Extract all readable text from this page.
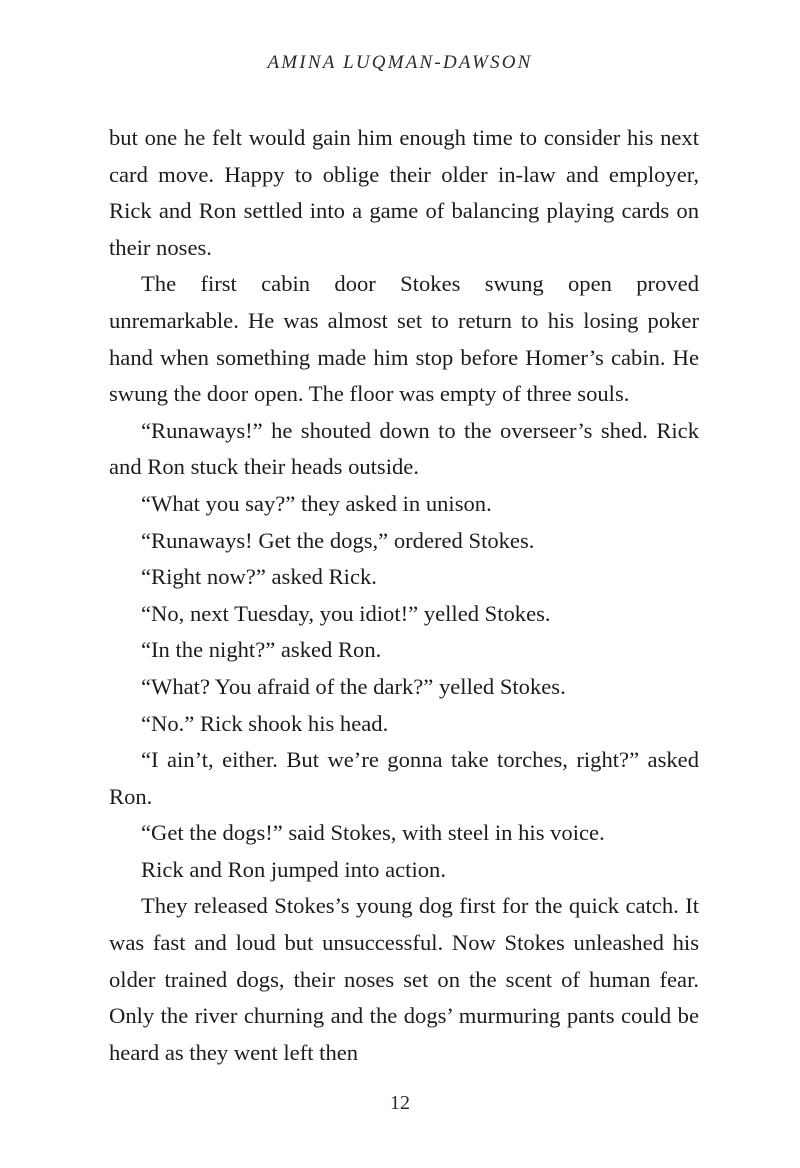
AMINA LUQMAN-DAWSON

but one he felt would gain him enough time to consider his next card move. Happy to oblige their older in-law and employer, Rick and Ron settled into a game of balancing playing cards on their noses.

The first cabin door Stokes swung open proved unremarkable. He was almost set to return to his losing poker hand when something made him stop before Homer’s cabin. He swung the door open. The floor was empty of three souls.

“Runaways!” he shouted down to the overseer’s shed. Rick and Ron stuck their heads outside.

“What you say?” they asked in unison.

“Runaways! Get the dogs,” ordered Stokes.

“Right now?” asked Rick.

“No, next Tuesday, you idiot!” yelled Stokes.

“In the night?” asked Ron.

“What? You afraid of the dark?” yelled Stokes.

“No.” Rick shook his head.

“I ain’t, either. But we’re gonna take torches, right?” asked Ron.

“Get the dogs!” said Stokes, with steel in his voice.

Rick and Ron jumped into action.

They released Stokes’s young dog first for the quick catch. It was fast and loud but unsuccessful. Now Stokes unleashed his older trained dogs, their noses set on the scent of human fear. Only the river churning and the dogs’ murmuring pants could be heard as they went left then

12
